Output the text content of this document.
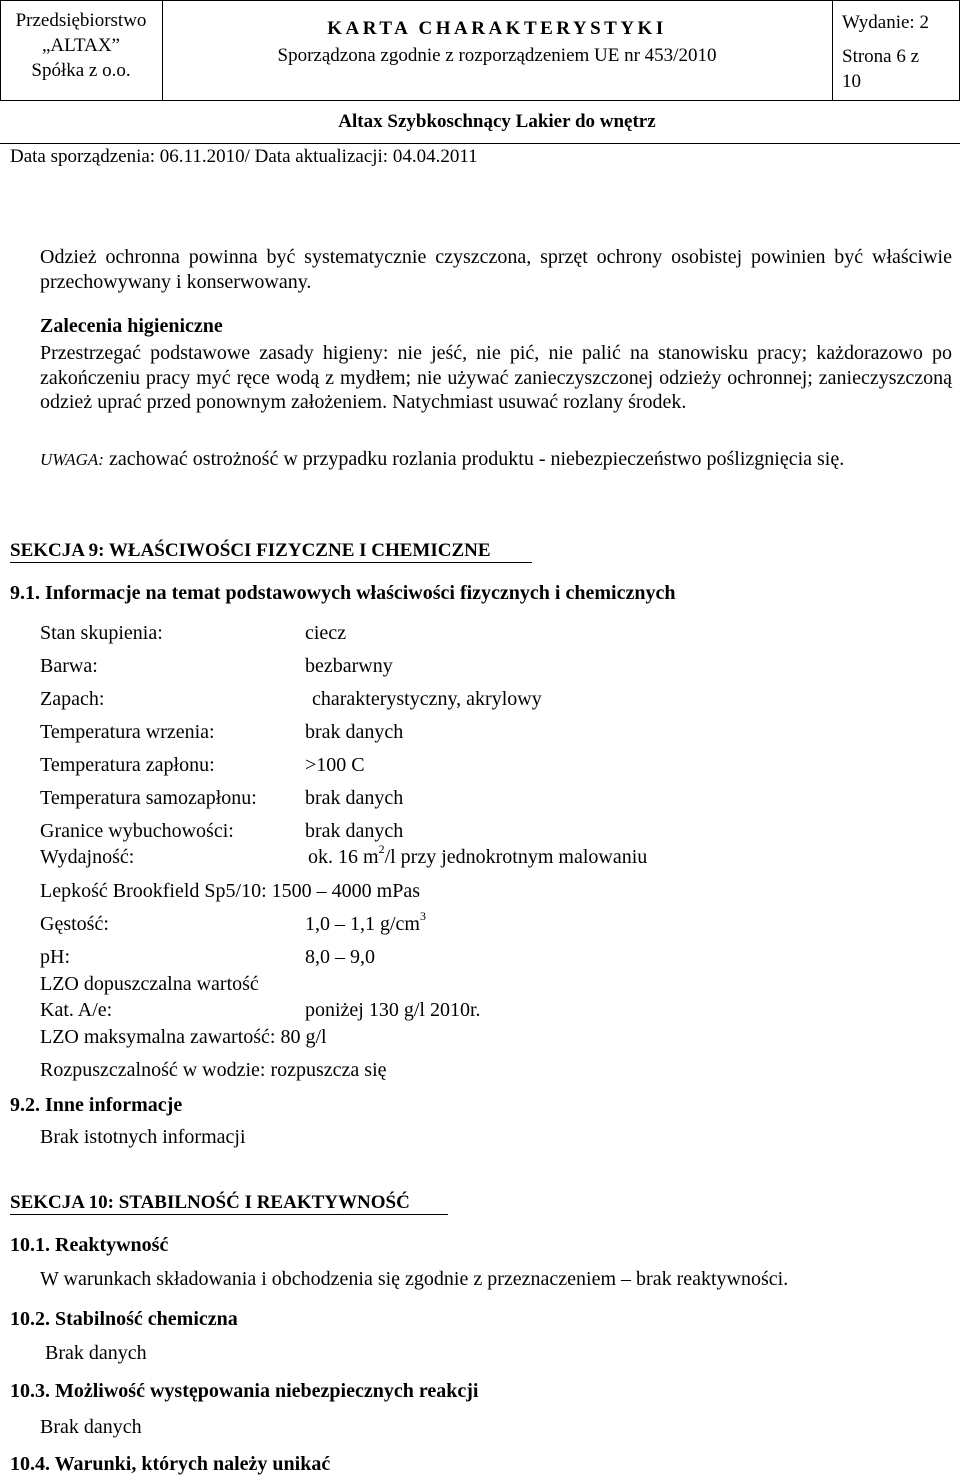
Przedsiębiorstwo
„ALTAX”
Spółka z o.o.
KARTA CHARAKTERYSTYKI
Sporządzona zgodnie z rozporządzeniem UE nr 453/2010
Wydanie: 2
Strona 6 z
10
Altax Szybkoschnący Lakier do wnętrz
Data sporządzenia: 06.11.2010/ Data aktualizacji: 04.04.2011
Odzież ochronna powinna być systematycznie czyszczona, sprzęt ochrony osobistej powinien być właściwie przechowywany i konserwowany.
Zalecenia higieniczne
Przestrzegać podstawowe zasady higieny: nie jeść, nie pić, nie palić na stanowisku pracy; każdorazowo po zakończeniu pracy myć ręce wodą z mydłem; nie używać zanieczyszczonej odzieży ochronnej; zanieczyszczoną odzież uprać przed ponownym założeniem. Natychmiast usuwać rozlany środek.
UWAGA: zachować ostrożność w przypadku rozlania produktu - niebezpieczeństwo poślizgnięcia się.
SEKCJA 9: WŁAŚCIWOŚCI FIZYCZNE I CHEMICZNE
9.1. Informacje na temat podstawowych właściwości fizycznych i chemicznych
Stan skupienia:	ciecz
Barwa:	bezbarwny
Zapach:	charakterystyczny, akrylowy
Temperatura wrzenia:	brak danych
Temperatura zapłonu:	>100 C
Temperatura samozapłonu: brak danych
Granice wybuchowości:	brak danych
Wydajność:	ok. 16 $m^2/l$ przy jednokrotnym malowaniu
Lepkość Brookfield Sp5/10: 1500 – 4000 mPas
Gęstość:	1,0 – 1,1 $g/cm^3$
pH:	8,0 – 9,0
LZO dopuszczalna wartość
Kat. A/e:	poniżej 130 g/l 2010r.
LZO maksymalna zawartość: 80 g/l
Rozpuszczalność w wodzie: rozpuszcza się
9.2. Inne informacje
Brak istotnych informacji
SEKCJA 10: STABILNOŚĆ I REAKTYWNOŚĆ
10.1. Reaktywność
W warunkach składowania i obchodzenia się zgodnie z przeznaczeniem – brak reaktywności.
10.2. Stabilność chemiczna
Brak danych
10.3. Możliwość występowania niebezpiecznych reakcji
Brak danych
10.4. Warunki, których należy unikać
